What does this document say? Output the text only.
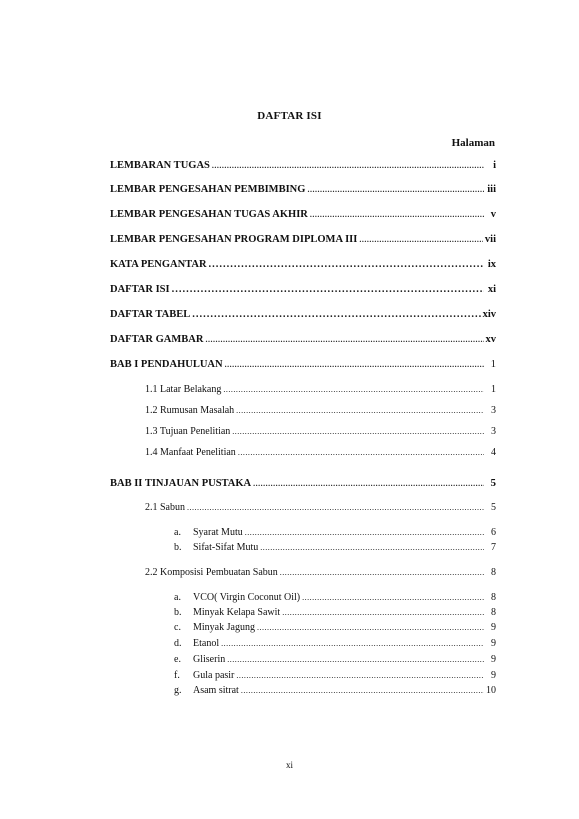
DAFTAR ISI
Halaman
LEMBARAN TUGAS .....	i
LEMBAR PENGESAHAN PEMBIMBING .....	iii
LEMBAR PENGESAHAN TUGAS AKHIR .....	v
LEMBAR PENGESAHAN PROGRAM DIPLOMA III .....	vii
KATA PENGANTAR .....	ix
DAFTAR ISI .....	xi
DAFTAR TABEL .....	xiv
DAFTAR GAMBAR .....	xv
BAB I PENDAHULUAN .....	1
1.1 Latar Belakang .....	1
1.2 Rumusan Masalah .....	3
1.3 Tujuan Penelitian .....	3
1.4 Manfaat Penelitian .....	4
BAB II TINJAUAN PUSTAKA .....	5
2.1 Sabun .....	5
a. Syarat Mutu .....	6
b. Sifat-Sifat Mutu .....	7
2.2 Komposisi Pembuatan Sabun .....	8
a. VCO( Virgin Coconut Oil) .....	8
b. Minyak Kelapa Sawit .....	8
c. Minyak Jagung .....	9
d. Etanol .....	9
e. Gliserin .....	9
f. Gula pasir .....	9
g. Asam sitrat .....	10
xi
